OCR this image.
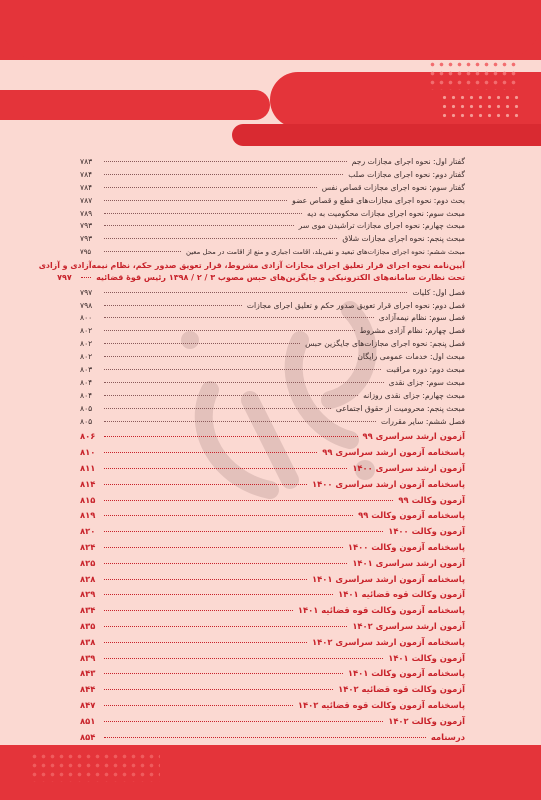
گفتار اول: نحوه اجرای مجازات رجم
۷۸۳
گفتار دوم: نحوه اجرای مجازات صلب
۷۸۴
گفتار سوم: نحوه اجرای مجازات قصاص نفس
۷۸۴
بحث دوم: نحوه اجرای مجازات‌های قطع و قصاص عضو
۷۸۷
مبحث سوم: نحوه اجرای مجازات محکومیت به دیه
۷۸۹
مبحث چهارم: نحوه اجرای مجازات تراشیدن موی سر
۷۹۳
مبحث پنجم: نحوه اجرای مجازات شلاق
۷۹۳
مبحث ششم: نحوه اجرای مجازات‌های تبعید و نفی‌بلد، اقامت اجباری و منع از اقامت در محل معین
۷۹۵
آیین‌نامه نحوه اجرای قرار تعلیق اجرای مجازات آزادی مشروط، قرار تعویق صدور حکم، نظام نیمه‌آزادی و آزادی
تحت نظارت سامانه‌های الکترونیکی و جایگزین‌های حبس مصوب ۳ / ۲ / ۱۳۹۸ رئیس قوۀ قضائیه
۷۹۷
فصل اول: کلیات
۷۹۷
فصل دوم: نحوه اجرای قرار تعویق صدور حکم و تعلیق اجرای مجازات
۷۹۸
فصل سوم: نظام نیمه‌آزادی
۸۰۰
فصل چهارم: نظام آزادی مشروط
۸۰۲
فصل پنجم: نحوه اجرای مجازات‌های جایگزین حبس
۸۰۲
مبحث اول: خدمات عمومی رایگان
۸۰۲
مبحث دوم: دوره مراقبت
۸۰۳
مبحث سوم: جزای نقدی
۸۰۴
مبحث چهارم: جزای نقدی روزانه
۸۰۴
مبحث پنجم: محرومیت از حقوق اجتماعی
۸۰۵
فصل ششم: سایر مقررات
۸۰۵
آزمون ارشد سراسری ۹۹
۸۰۶
پاسخنامه آزمون ارشد سراسری ۹۹
۸۱۰
آزمون ارشد سراسری ۱۴۰۰
۸۱۱
پاسخنامه آزمون ارشد سراسری ۱۴۰۰
۸۱۴
آزمون وکالت ۹۹
۸۱۵
پاسخنامه آزمون وکالت ۹۹
۸۱۹
آزمون وکالت ۱۴۰۰
۸۲۰
پاسخنامه آزمون وکالت ۱۴۰۰
۸۲۴
آزمون ارشد سراسری ۱۴۰۱
۸۲۵
پاسخنامه آزمون ارشد سراسری ۱۴۰۱
۸۲۸
آزمون وکالت قوه قضائیه ۱۴۰۱
۸۲۹
پاسخنامه آزمون وکالت قوه قضائیه ۱۴۰۱
۸۳۴
آزمون ارشد سراسری ۱۴۰۲
۸۳۵
پاسخنامه آزمون ارشد سراسری ۱۴۰۲
۸۳۸
آزمون وکالت ۱۴۰۱
۸۳۹
پاسخنامه آزمون وکالت ۱۴۰۱
۸۴۳
آزمون وکالت قوه قضائیه ۱۴۰۲
۸۴۴
پاسخنامه آزمون وکالت قوه قضائیه ۱۴۰۲
۸۴۷
آزمون وکالت ۱۴۰۲
۸۵۱
درسنامه
۸۵۴
